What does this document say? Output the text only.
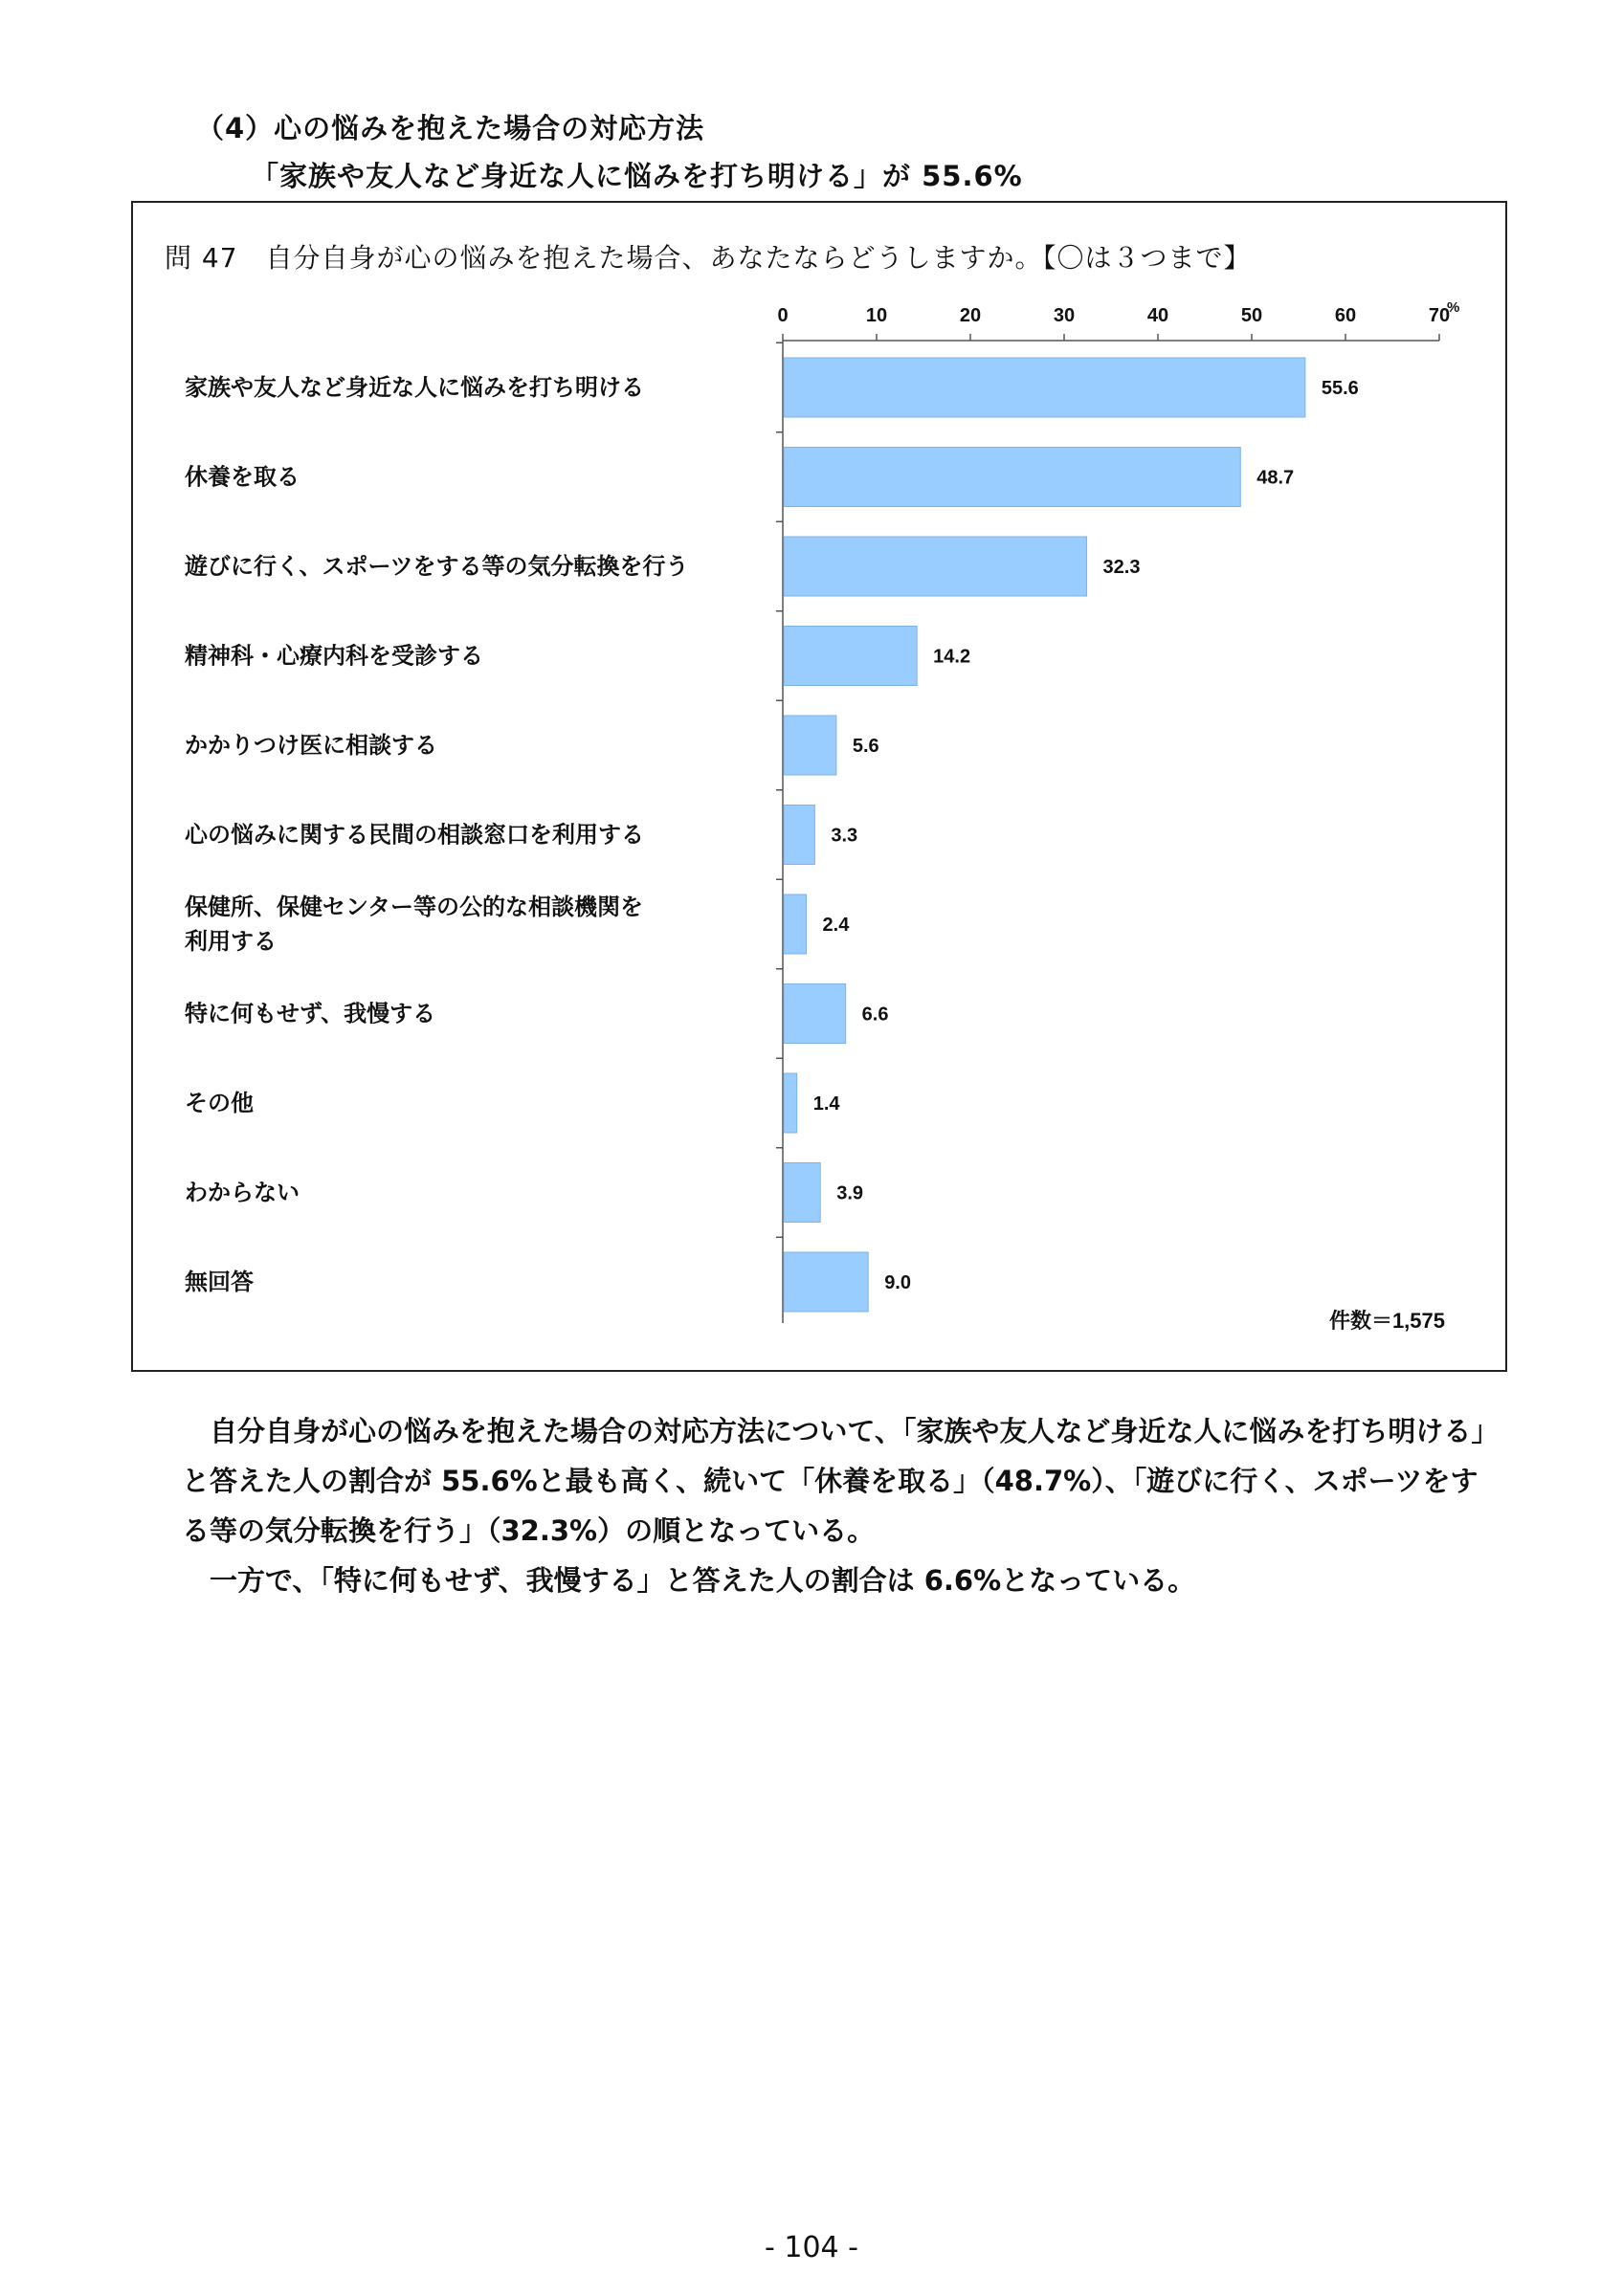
（4）心の悩みを抱えた場合の対応方法
「家族や友人など身近な人に悩みを打ち明ける」が 55.6%
問 47　自分自身が心の悩みを抱えた場合、あなたならどうしますか。【〇は３つまで】
0	10	20	30	40	50	60	70
%
55.6
家族や友人など身近な人に悩みを打ち明ける
48.7
休養を取る
32.3
遊びに行く、スポーツをする等の気分転換を行う
14.2
精神科・心療内科を受診する
5.6
かかりつけ医に相談する
3.3
心の悩みに関する民間の相談窓口を利用する
2.4
保健所、保健センター等の公的な相談機関を
利用する
6.6
特に何もせず、我慢する
1.4
その他
3.9
わからない
9.0
無回答
件数＝1,575

　自分自身が心の悩みを抱えた場合の対応方法について、「家族や友人など身近な人に悩みを打ち明ける」と答えた人の割合が 55.6%と最も高く、続いて「休養を取る」（48.7%）、「遊びに行く、スポーツをする等の気分転換を行う」（32.3%）の順となっている。

　一方で、「特に何もせず、我慢する」と答えた人の割合は 6.6%となっている。

- 104 -
